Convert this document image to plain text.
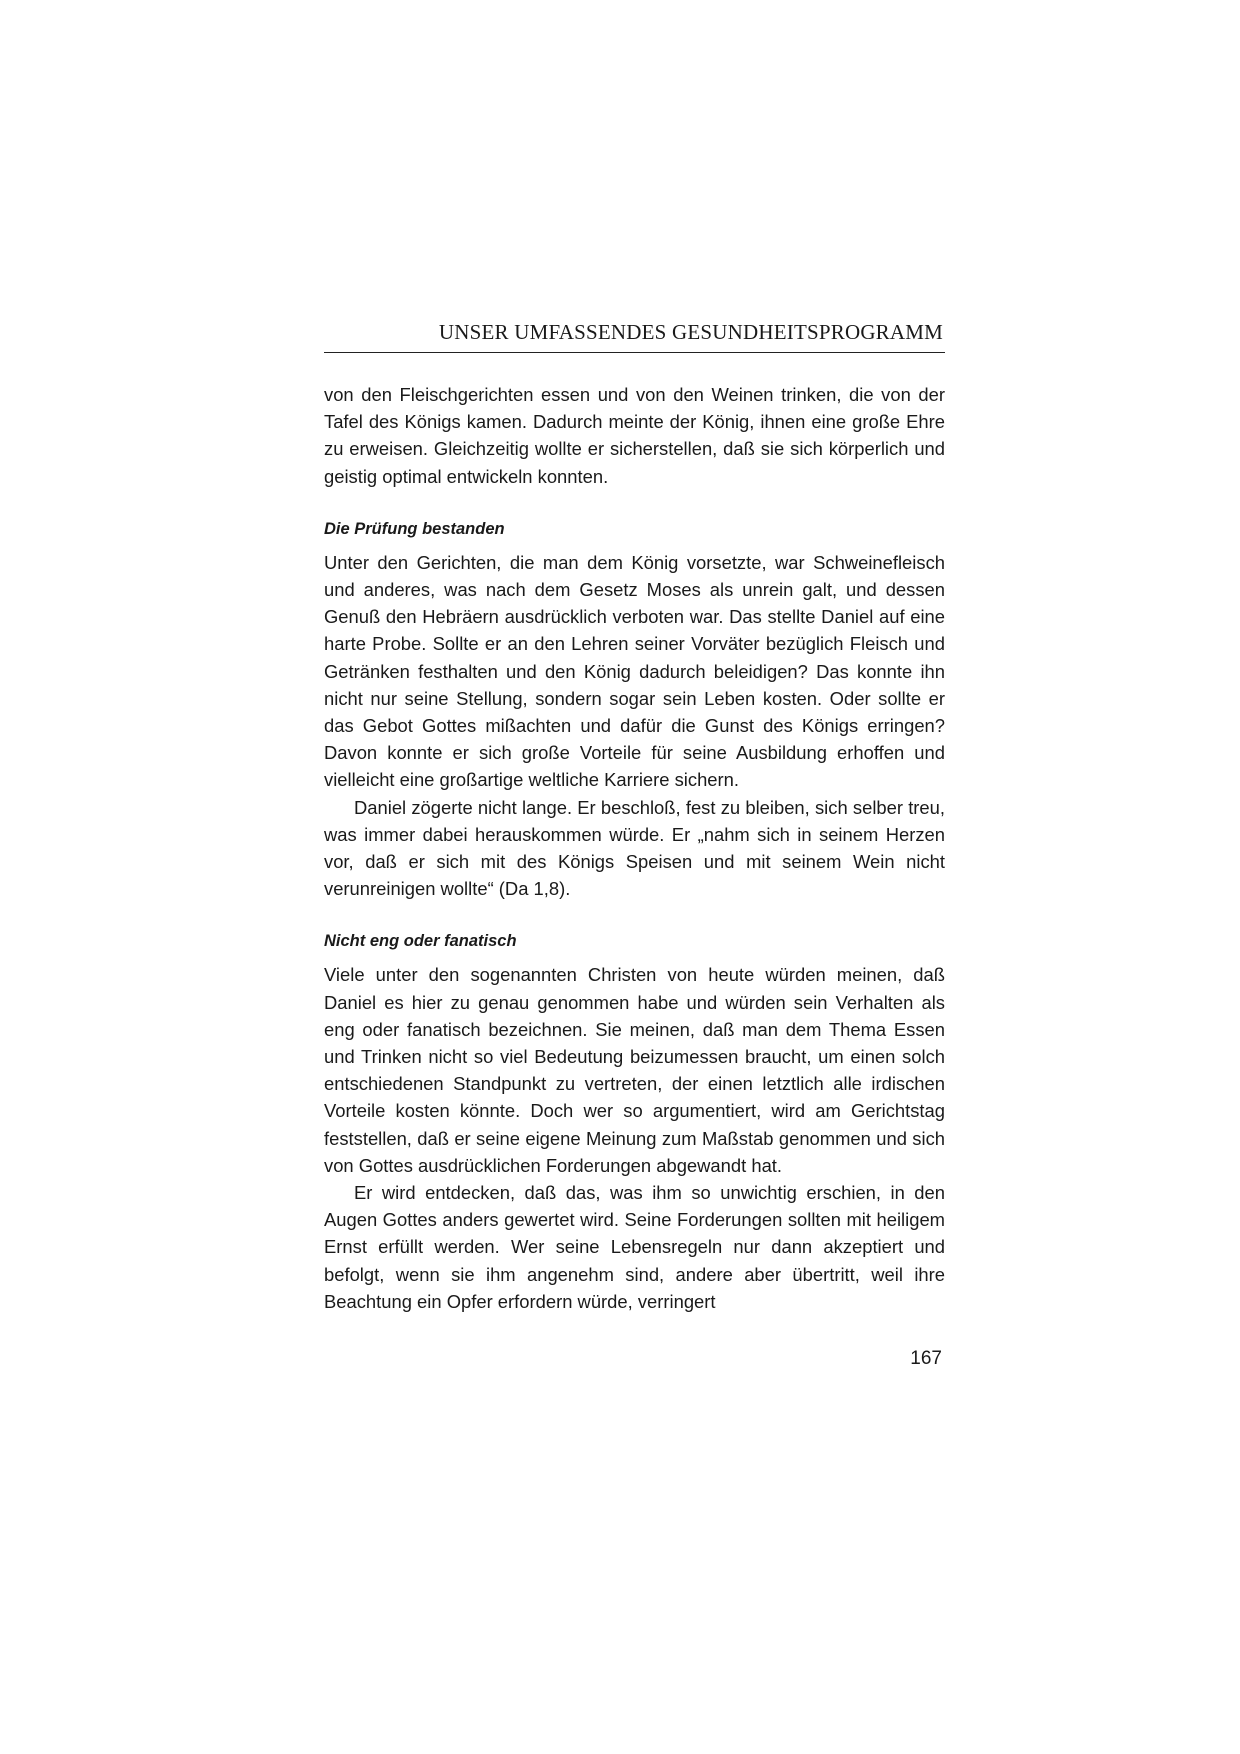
UNSER UMFASSENDES GESUNDHEITSPROGRAMM

von den Fleischgerichten essen und von den Weinen trinken, die von der Tafel des Königs kamen. Dadurch meinte der König, ihnen eine große Ehre zu erweisen. Gleichzeitig wollte er sicherstellen, daß sie sich körperlich und geistig optimal entwickeln konnten.

Die Prüfung bestanden

Unter den Gerichten, die man dem König vorsetzte, war Schweinefleisch und anderes, was nach dem Gesetz Moses als unrein galt, und dessen Genuß den Hebräern ausdrücklich verboten war. Das stellte Daniel auf eine harte Probe. Sollte er an den Lehren seiner Vorväter bezüglich Fleisch und Getränken festhalten und den König dadurch beleidigen? Das konnte ihn nicht nur seine Stellung, sondern sogar sein Leben kosten. Oder sollte er das Gebot Gottes mißachten und dafür die Gunst des Königs erringen? Davon konnte er sich große Vorteile für seine Ausbildung erhoffen und vielleicht eine großartige weltliche Karriere sichern.

Daniel zögerte nicht lange. Er beschloß, fest zu bleiben, sich selber treu, was immer dabei herauskommen würde. Er „nahm sich in seinem Herzen vor, daß er sich mit des Königs Speisen und mit seinem Wein nicht verunreinigen wollte“ (Da 1,8).

Nicht eng oder fanatisch

Viele unter den sogenannten Christen von heute würden meinen, daß Daniel es hier zu genau genommen habe und würden sein Verhalten als eng oder fanatisch bezeichnen. Sie meinen, daß man dem Thema Essen und Trinken nicht so viel Bedeutung beizumessen braucht, um einen solch entschiedenen Standpunkt zu vertreten, der einen letztlich alle irdischen Vorteile kosten könnte. Doch wer so argumentiert, wird am Gerichtstag feststellen, daß er seine eigene Meinung zum Maßstab genommen und sich von Gottes ausdrücklichen Forderungen abgewandt hat.

Er wird entdecken, daß das, was ihm so unwichtig erschien, in den Augen Gottes anders gewertet wird. Seine Forderungen sollten mit heiligem Ernst erfüllt werden. Wer seine Lebensregeln nur dann akzeptiert und befolgt, wenn sie ihm angenehm sind, andere aber übertritt, weil ihre Beachtung ein Opfer erfordern würde, verringert

167
